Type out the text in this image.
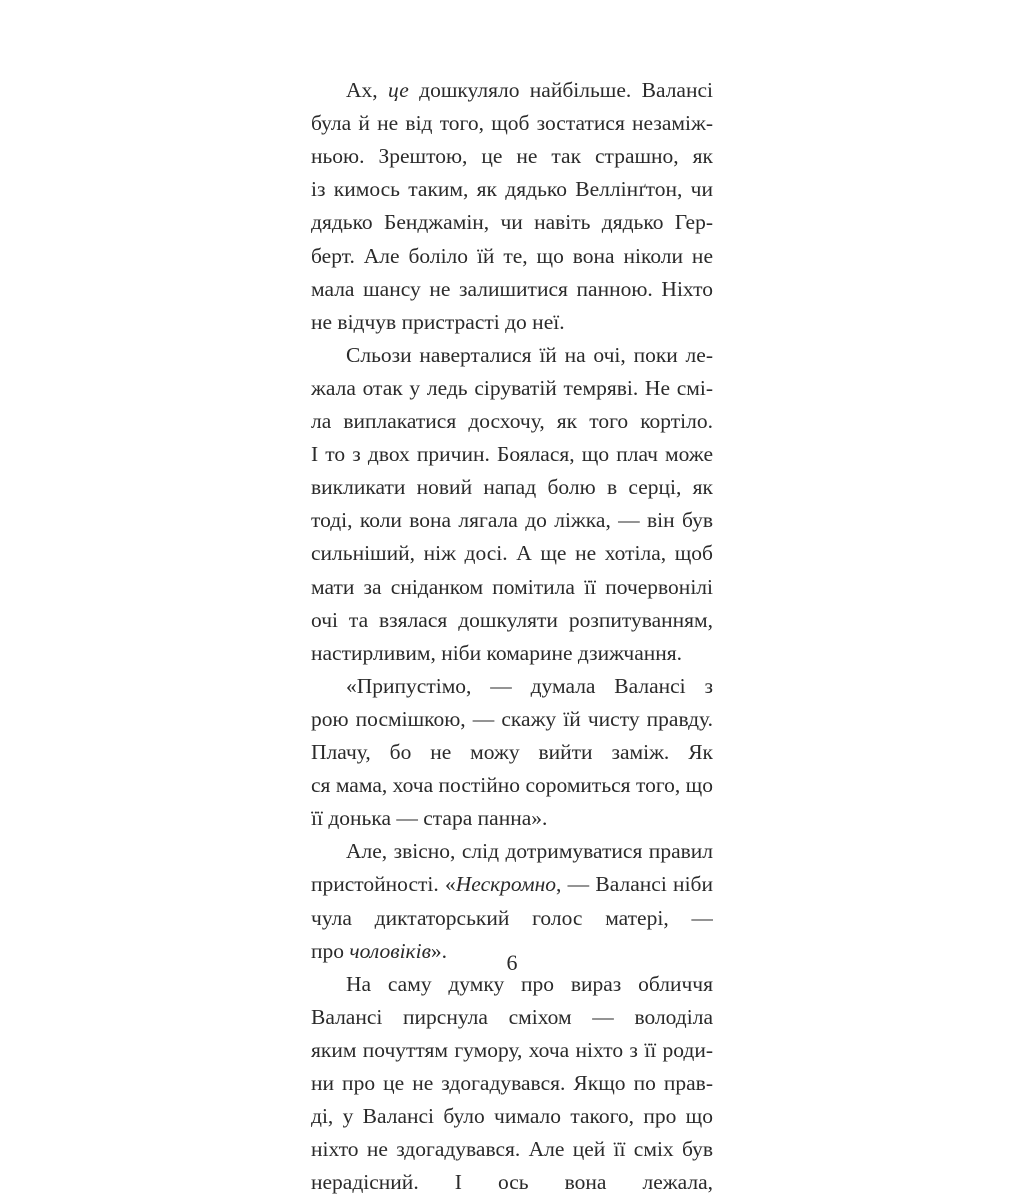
Ах, це дошкуляло найбільше. Валансі
була й не від того, щоб зостатися незаміж-
ньою. Зрештою, це не так страшно, як
із кимось таким, як дядько Веллінґтон, чи
дядько Бенджамін, чи навіть дядько Гер-
берт. Але боліло їй те, що вона ніколи не
мала шансу не залишитися панною. Ніхто
не відчув пристрасті до неї.
Сльози наверталися їй на очі, поки ле-
жала отак у ледь сіруватій темряві. Не смі-
ла виплакатися досхочу, як того кортіло.
І то з двох причин. Боялася, що плач може
викликати новий напад болю в серці, як
тоді, коли вона лягала до ліжка, — він був
сильніший, ніж досі. А ще не хотіла, щоб
мати за сніданком помітила її почервонілі
очі та взялася дошкуляти розпитуванням,
настирливим, ніби комарине дзижчання.
«Припустімо, — думала Валансі з
рою посмішкою, — скажу їй чисту правду.
Плачу, бо не можу вийти заміж. Як
ся мама, хоча постійно соромиться того, що
її донька — стара панна».
Але, звісно, слід дотримуватися правил
пристойності. «Нескромно, — Валансі ніби
чула диктаторський голос матері, —
про чоловіків».
На саму думку про вираз обличчя
Валансі пирснула сміхом — володіла
яким почуттям гумору, хоча ніхто з її роди-
ни про це не здогадувався. Якщо по прав-
ді, у Валансі було чимало такого, про що
ніхто не здогадувався. Але цей її сміх був
нерадісний. І ось вона лежала,
6
